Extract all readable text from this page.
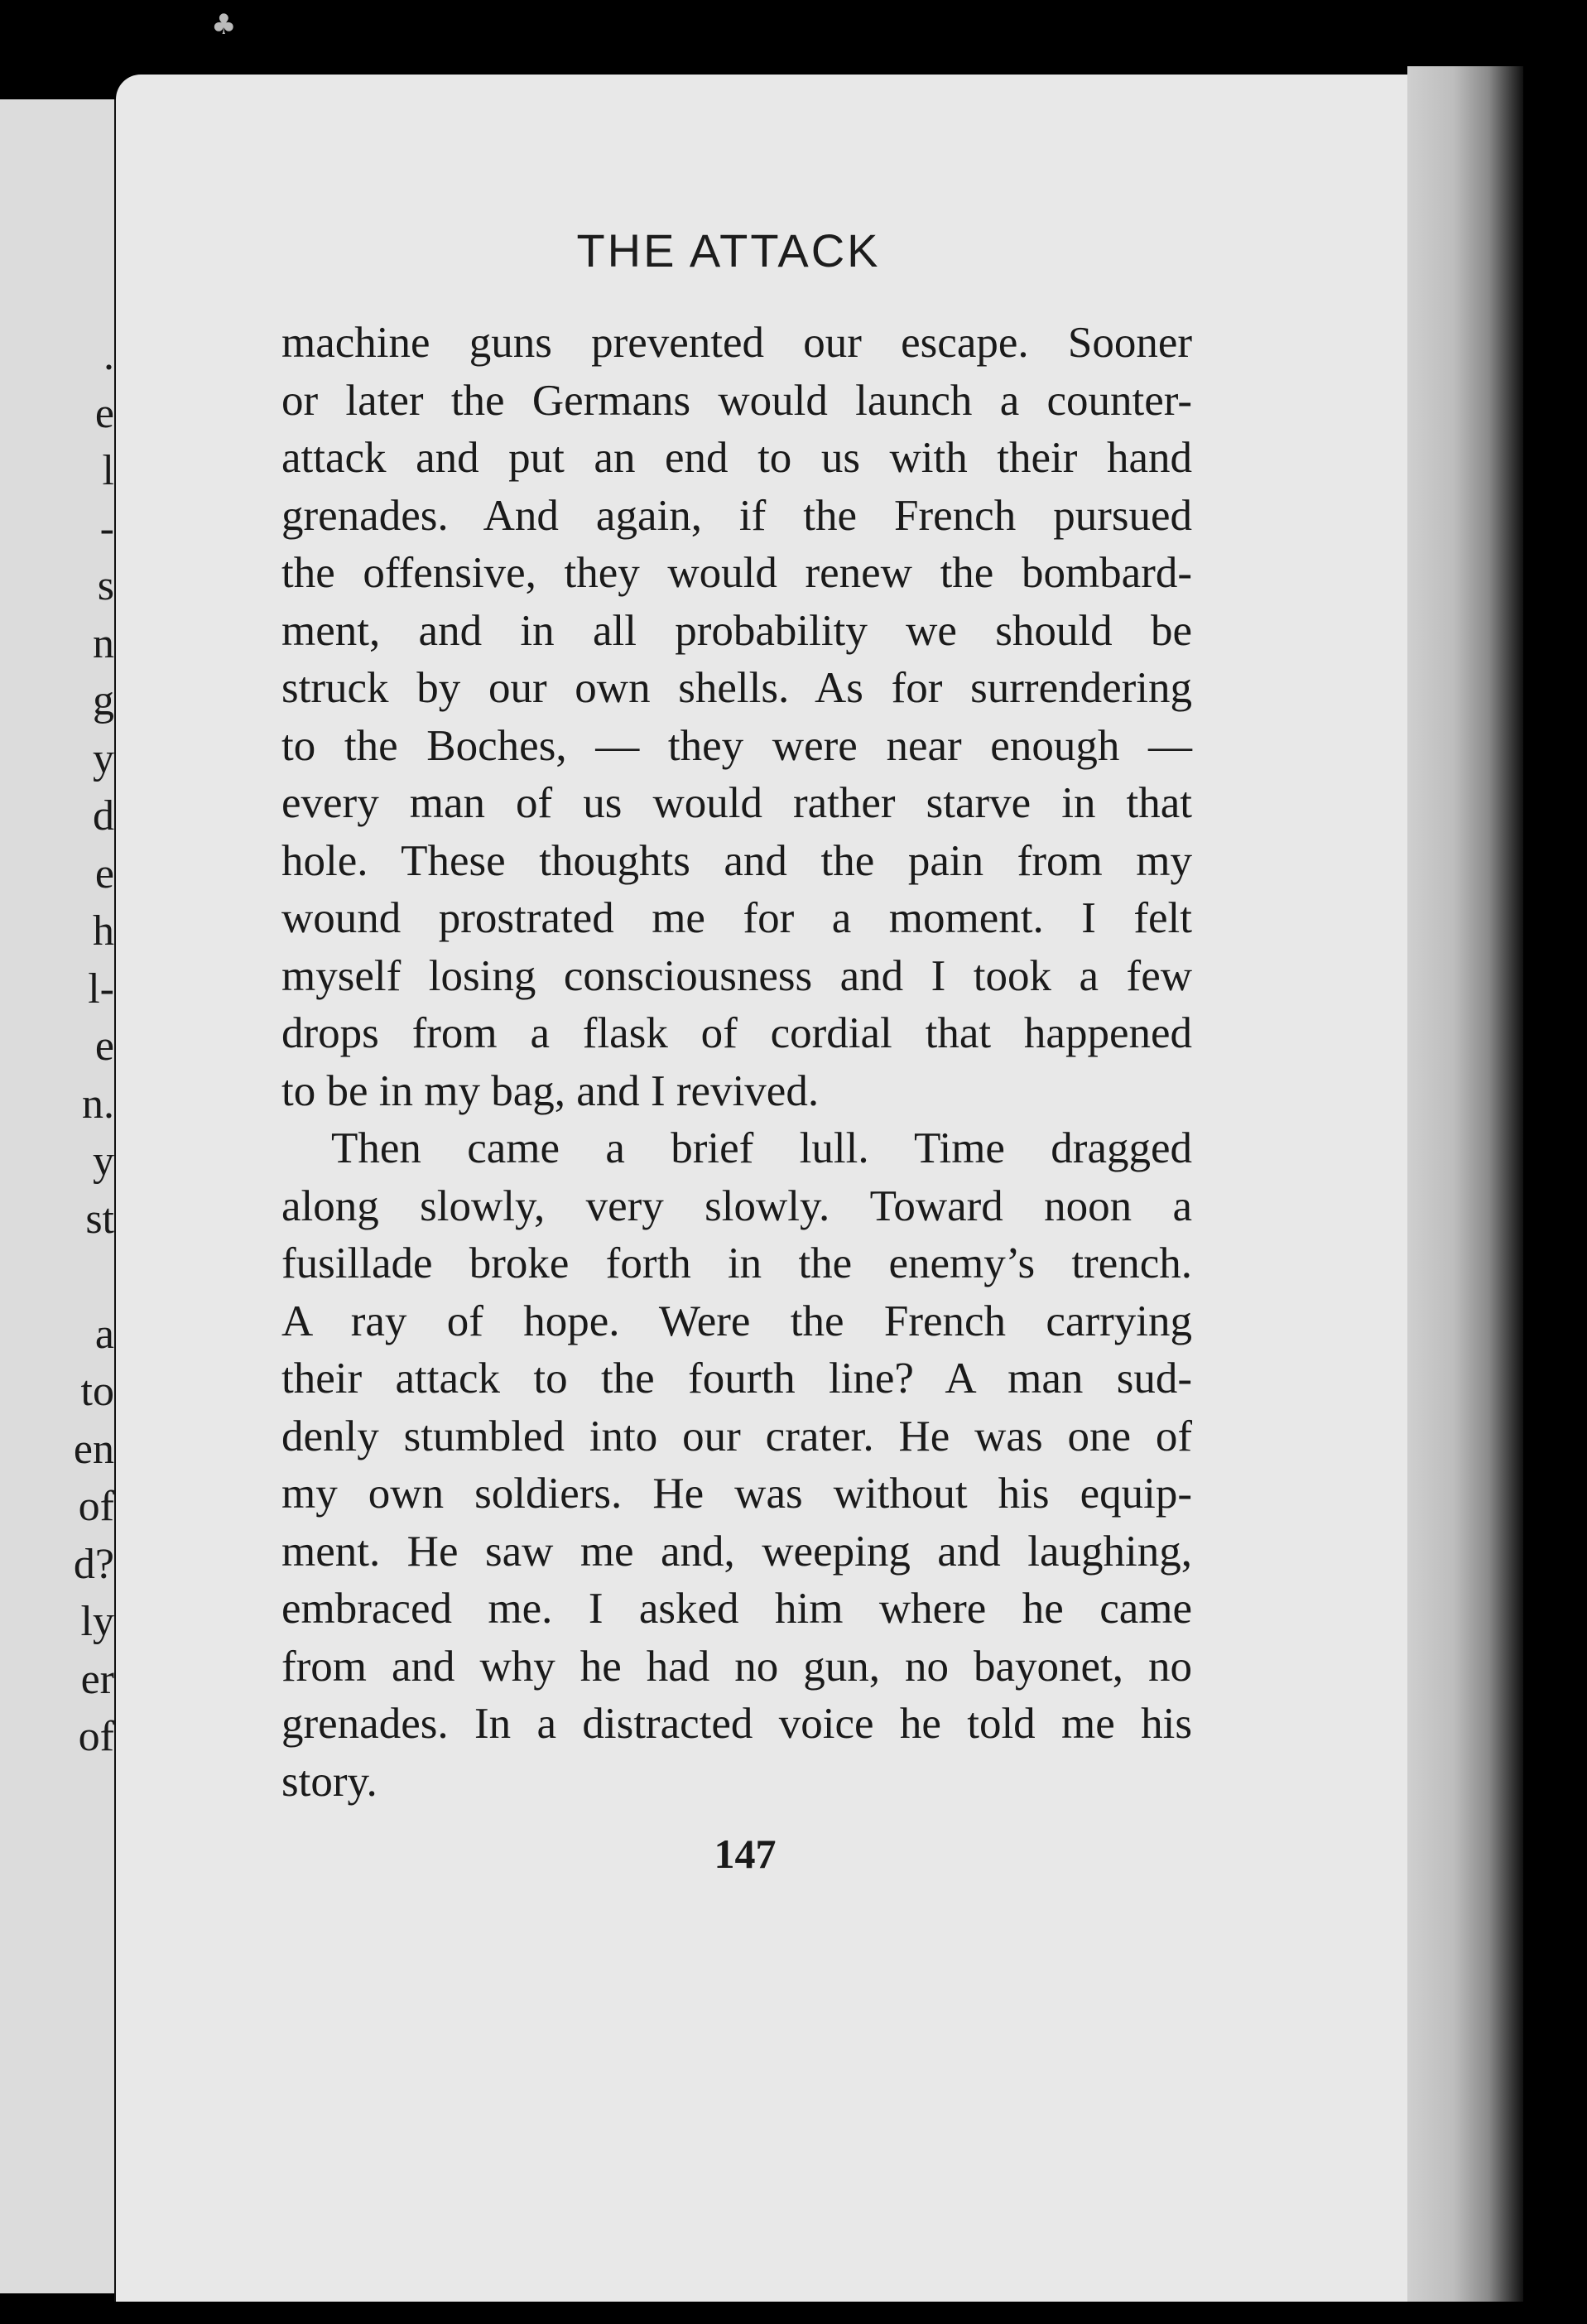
♣
.
e
l
-
s
n
g
y
d
e
h
l-
e
n.
y
st
a
to
en
of
d?
ly
er
of
THE ATTACK
machine guns prevented our escape. Sooner
or later the Germans would launch a counter-
attack and put an end to us with their hand
grenades. And again, if the French pursued
the offensive, they would renew the bombard-
ment, and in all probability we should be
struck by our own shells. As for surrendering
to the Boches, — they were near enough —
every man of us would rather starve in that
hole. These thoughts and the pain from my
wound prostrated me for a moment. I felt
myself losing consciousness and I took a few
drops from a flask of cordial that happened
to be in my bag, and I revived.
Then came a brief lull. Time dragged
along slowly, very slowly. Toward noon a
fusillade broke forth in the enemy’s trench.
A ray of hope. Were the French carrying
their attack to the fourth line? A man sud-
denly stumbled into our crater. He was one of
my own soldiers. He was without his equip-
ment. He saw me and, weeping and laughing,
embraced me. I asked him where he came
from and why he had no gun, no bayonet, no
grenades. In a distracted voice he told me his
story.
147
